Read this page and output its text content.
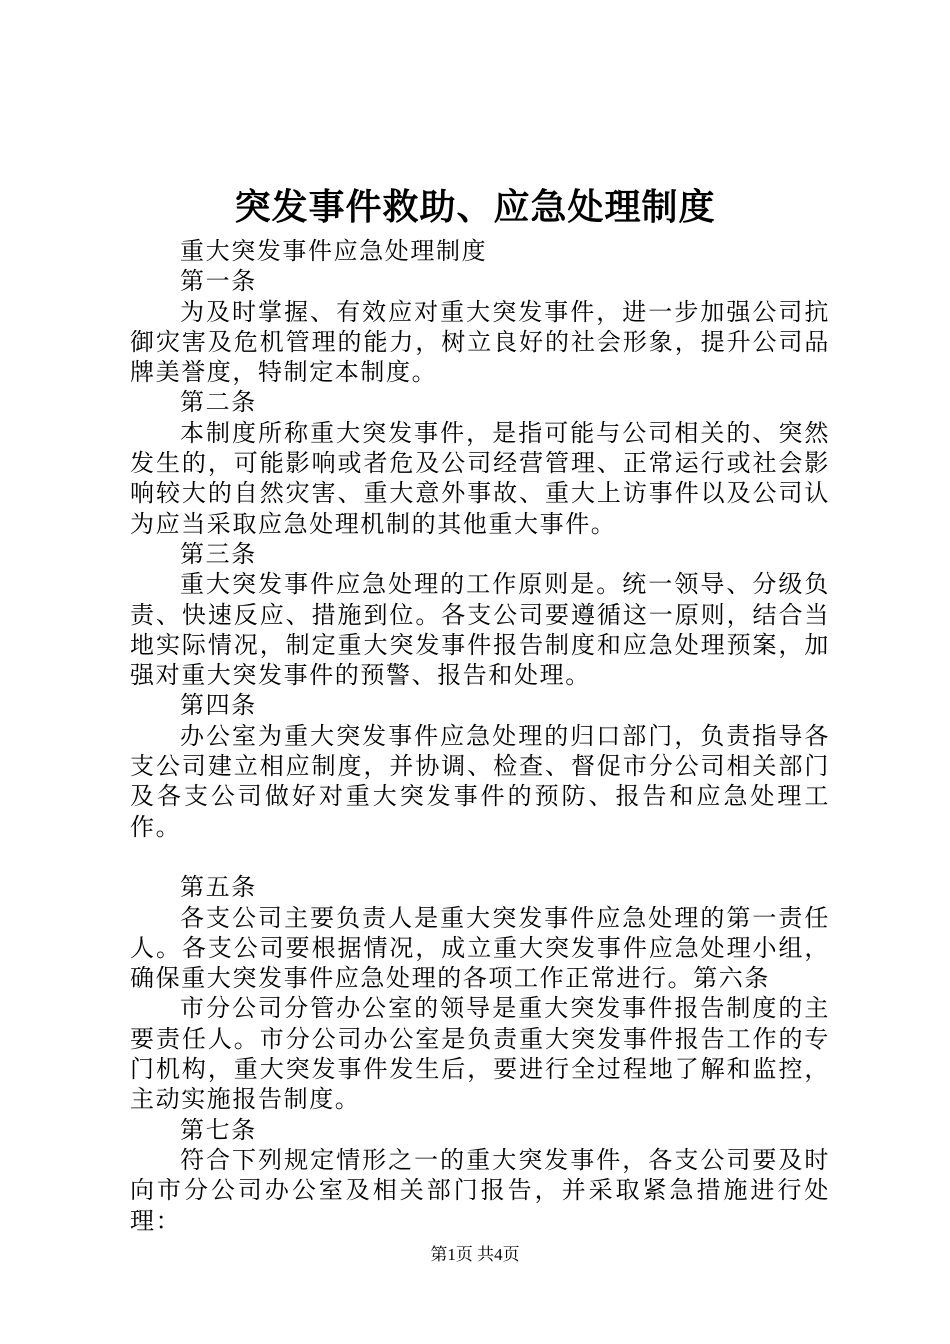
突发事件救助、应急处理制度

重大突发事件应急处理制度

第一条

为及时掌握、有效应对重大突发事件，进一步加强公司抗御灾害及危机管理的能力，树立良好的社会形象，提升公司品牌美誉度，特制定本制度。

第二条

本制度所称重大突发事件，是指可能与公司相关的、突然发生的，可能影响或者危及公司经营管理、正常运行或社会影响较大的自然灾害、重大意外事故、重大上访事件以及公司认为应当采取应急处理机制的其他重大事件。

第三条

重大突发事件应急处理的工作原则是。统一领导、分级负责、快速反应、措施到位。各支公司要遵循这一原则，结合当地实际情况，制定重大突发事件报告制度和应急处理预案，加强对重大突发事件的预警、报告和处理。

第四条

办公室为重大突发事件应急处理的归口部门，负责指导各支公司建立相应制度，并协调、检查、督促市分公司相关部门及各支公司做好对重大突发事件的预防、报告和应急处理工作。

第五条

各支公司主要负责人是重大突发事件应急处理的第一责任人。各支公司要根据情况，成立重大突发事件应急处理小组，确保重大突发事件应急处理的各项工作正常进行。第六条

市分公司分管办公室的领导是重大突发事件报告制度的主要责任人。市分公司办公室是负责重大突发事件报告工作的专门机构，重大突发事件发生后，要进行全过程地了解和监控，主动实施报告制度。

第七条

符合下列规定情形之一的重大突发事件，各支公司要及时向市分公司办公室及相关部门报告，并采取紧急措施进行处理：

第1页 共4页
